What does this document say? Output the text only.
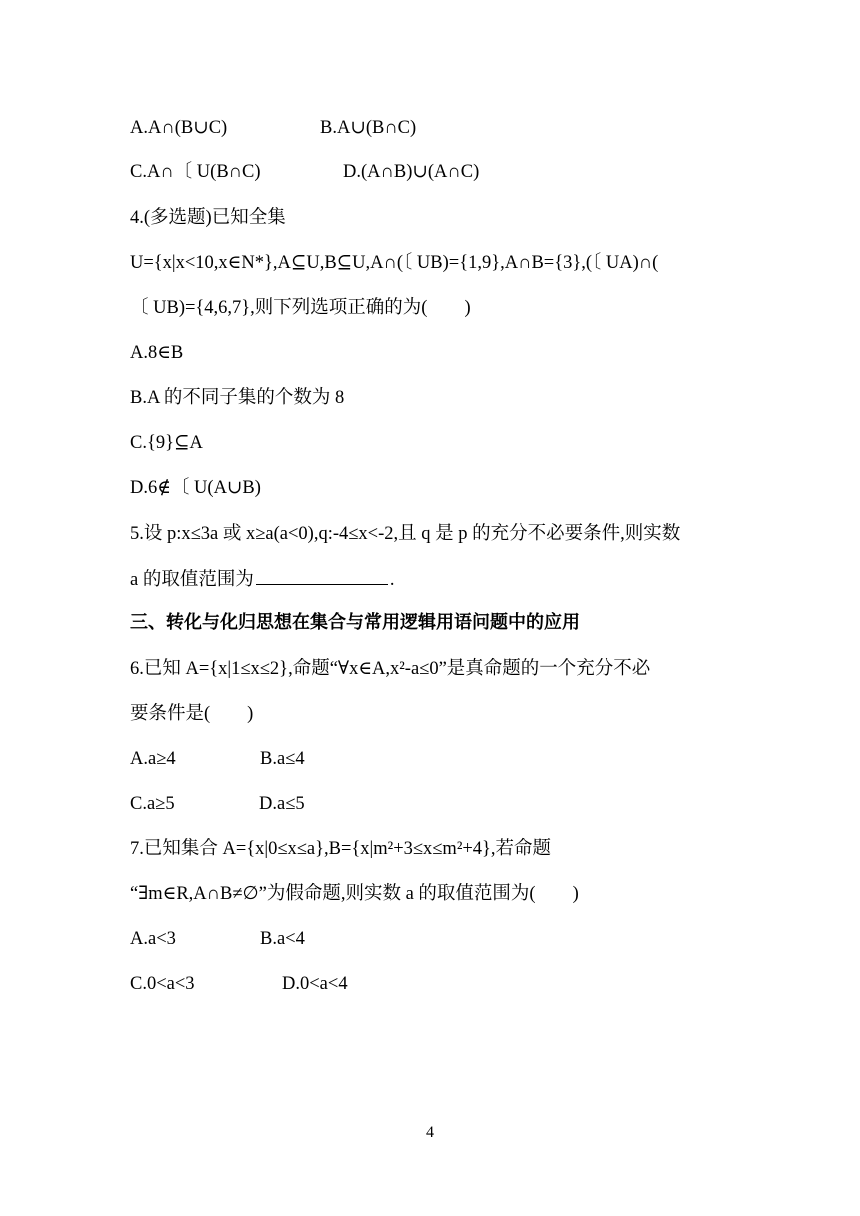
A.A∩(B∪C)	B.A∪(B∩C)
C.A∩〔 U(B∩C)	D.(A∩B)∪(A∩C)
4.(多选题)已知全集
U={x|x<10,x∈N*},A⊆U,B⊆U,A∩(〔 UB)={1,9},A∩B={3},(〔 UA)∩(
〔 UB)={4,6,7},则下列选项正确的为(　　)
A.8∈B
B.A 的不同子集的个数为 8
C.{9}⊆A
D.6∉〔 U(A∪B)
5.设 p:x≤3a 或 x≥a(a<0),q:-4≤x<-2,且 q 是 p 的充分不必要条件,则实数
a 的取值范围为	.
三、转化与化归思想在集合与常用逻辑用语问题中的应用
6.已知 A={x|1≤x≤2},命题“∀x∈A,x²-a≤0”是真命题的一个充分不必
要条件是(　　)
A.a≥4	B.a≤4
C.a≥5	D.a≤5
7.已知集合 A={x|0≤x≤a},B={x|m²+3≤x≤m²+4},若命题
“∃m∈R,A∩B≠∅”为假命题,则实数 a 的取值范围为(　　)
A.a<3	B.a<4
C.0<a<3	D.0<a<4
4
